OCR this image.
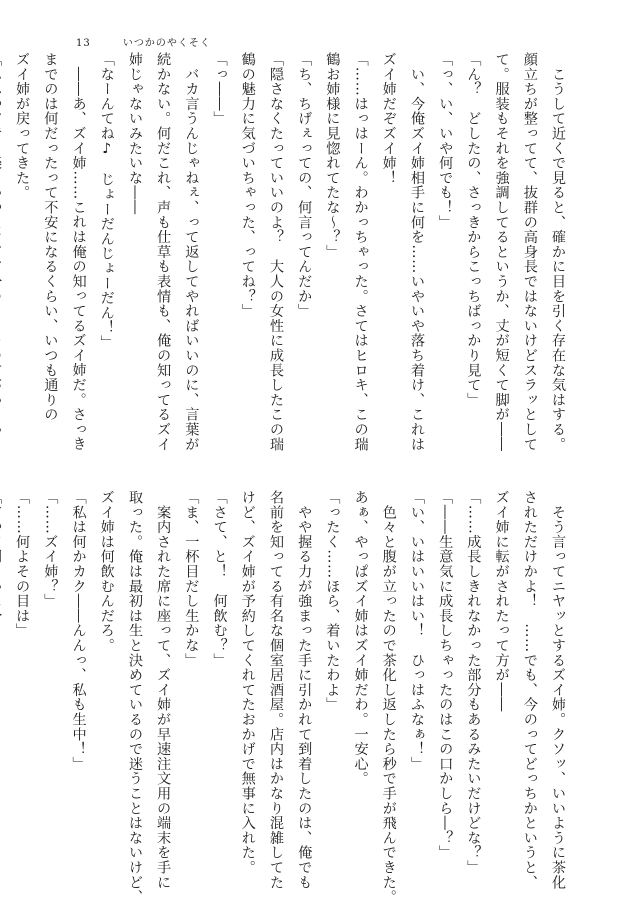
13	いつかのやくそく

　こうして近くで見ると、確かに目を引く存在な気はする。

顔立ちが整ってて、抜群の高身長ではないけどスラッとして

て。服装もそれを強調してるというか、丈が短くて脚が――

「ん？　どしたの、さっきからこっちばっかり見て」

「っ、い、いや何でも！」

　い、今俺ズイ姉相手に何を……いやいや落ち着け、これは

ズイ姉だぞズイ姉！

「……はっはーん。わかっちゃった。さてはヒロキ、この瑞

鶴お姉様に見惚れてたな～？」

「ち、ちげぇっての、何言ってんだか」

「隠さなくたっていいのよ？　大人の女性に成長したこの瑞

鶴の魅力に気づいちゃった、ってね？」

「っ――」

　バカ言うんじゃねぇ、って返してやればいいのに、言葉が

続かない。何だこれ、声も仕草も表情も、俺の知ってるズイ

姉じゃないみたいな――

「なーんてね♪　じょーだんじょーだん！」

　――あ、ズイ姉……これは俺の知ってるズイ姉だ。さっき

までのは何だったって不安になるくらい、いつも通りの

ズイ姉が戻ってきた。

　そう言ってニヤッとするズイ姉。クソッ、いいように茶化

されただけかよ！　……でも、今のってどっちかというと、

ズイ姉に転がされたって方が――

「……成長しきれなかった部分もあるみたいだけどな？」

「――生意気に成長しちゃったのはこの口かしら―？」

「い、いはいいはい！　ひっはふなぁ！」

　色々と腹が立ったので茶化し返したら秒で手が飛んできた。

あぁ、やっぱズイ姉はズイ姉だわ。一安心。

「ったく……ほら、着いたわよ」

　やや握る力が強まった手に引かれて到着したのは、俺でも

名前を知ってる有名な個室居酒屋。店内はかなり混雑してた

けど、ズイ姉が予約してくれてたおかげで無事に入れた。

「さて、と！　何飲む？」

「ま、一杯目だし生かな」

　案内された席に座って、ズイ姉が早速注文用の端末を手に

取った。俺は最初は生と決めているので迷うことはないけど、

ズイ姉は何飲むんだろ。

「私は何かカク――んんっ、私も生中！」

「……ズイ姉？」

「……何よその目は」
